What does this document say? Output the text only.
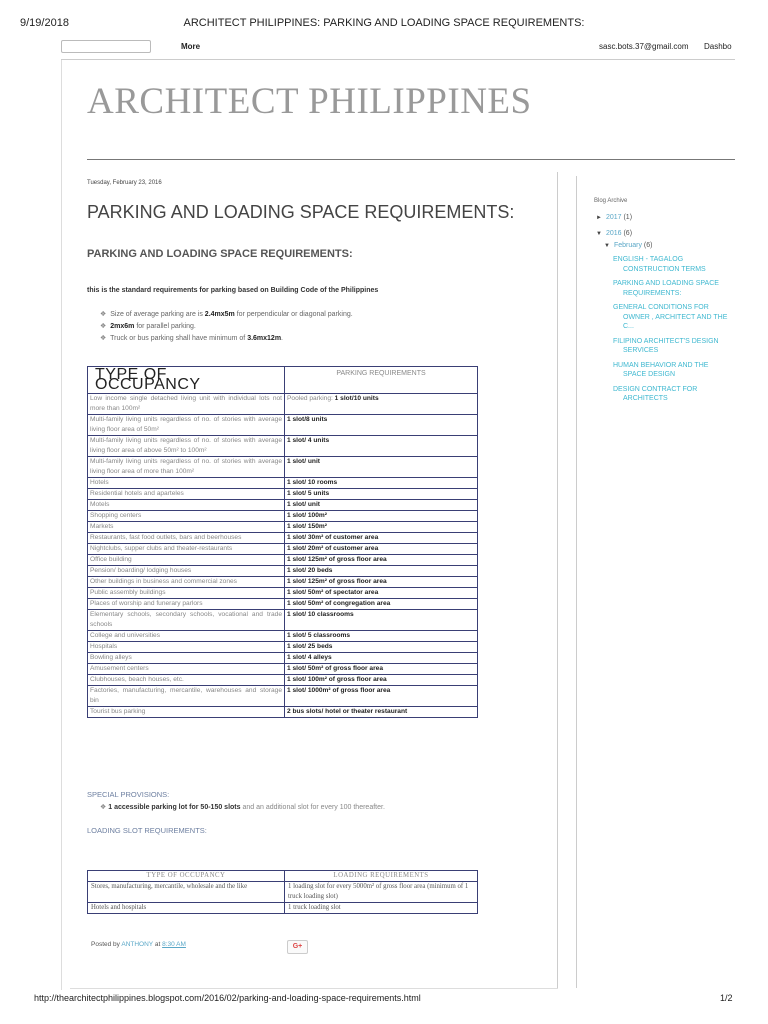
9/19/2018	ARCHITECT PHILIPPINES: PARKING AND LOADING SPACE REQUIREMENTS:
More	sasc.bots.37@gmail.com Dashbo
ARCHITECT PHILIPPINES
Tuesday, February 23, 2016
PARKING AND LOADING SPACE REQUIREMENTS:
PARKING AND LOADING SPACE REQUIREMENTS:
this is the standard requirements for parking based on Building Code of the Philippines
❖ Size of average parking are is 2.4mx5m for perpendicular or diagonal parking.
❖ 2mx6m for parallel parking.
❖ Truck or bus parking shall have minimum of 3.6mx12m.
TYPE OF OCCUPANCY	PARKING REQUIREMENTS
Low income single detached living unit with individual lots not more than 100m²	Pooled parking: 1 slot/10 units
Multi-family living units regardless of no. of stories with average living floor area of 50m²	1 slot/8 units
Multi-family living units regardless of no. of stories with average living floor area of above 50m² to 100m²	1 slot/ 4 units
Multi-family living units regardless of no. of stories with average living floor area of more than 100m²	1 slot/ unit
Hotels	1 slot/ 10 rooms
Residential hotels and aparteles	1 slot/ 5 units
Motels	1 slot/ unit
Shopping centers	1 slot/ 100m²
Markets	1 slot/ 150m²
Restaurants, fast food outlets, bars and beerhouses	1 slot/ 30m² of customer area
Nightclubs, supper clubs and theater-restaurants	1 slot/ 20m² of customer area
Office building	1 slot/ 125m² of gross floor area
Pension/ boarding/ lodging houses	1 slot/ 20 beds
Other buildings in business and commercial zones	1 slot/ 125m² of gross floor area
Public assembly buildings	1 slot/ 50m² of spectator area
Places of worship and funerary parlors	1 slot/ 50m² of congregation area
Elementary schools, secondary schools, vocational and trade schools	1 slot/ 10 classrooms
College and universities	1 slot/ 5 classrooms
Hospitals	1 slot/ 25 beds
Bowling alleys	1 slot/ 4 alleys
Amusement centers	1 slot/ 50m² of gross floor area
Clubhouses, beach houses, etc.	1 slot/ 100m² of gross floor area
Factories, manufacturing, mercantile, warehouses and storage bin	1 slot/ 1000m² of gross floor area
Tourist bus parking	2 bus slots/ hotel or theater restaurant
SPECIAL PROVISIONS:
❖ 1 accessible parking lot for 50-150 slots and an additional slot for every 100 thereafter.
LOADING SLOT REQUIREMENTS:
TYPE OF OCCUPANCY	LOADING REQUIREMENTS
Stores, manufacturing, mercantile, wholesale and the like	1 loading slot for every 5000m² of gross floor area (minimum of 1 truck loading slot)
Hotels and hospitals	1 truck loading slot
Posted by ANTHONY at 8:30 AM	G+
Blog Archive
► 2017 (1)
▼ 2016 (6)
▼ February (6)
ENGLISH - TAGALOG
CONSTRUCTION TERMS
PARKING AND LOADING SPACE
REQUIREMENTS:
GENERAL CONDITIONS FOR
OWNER , ARCHITECT AND THE C...
FILIPINO ARCHITECT'S DESIGN
SERVICES
HUMAN BEHAVIOR AND THE
SPACE DESIGN
DESIGN CONTRACT FOR
ARCHITECTS
http://thearchitectphilippines.blogspot.com/2016/02/parking-and-loading-space-requirements.html	1/2
